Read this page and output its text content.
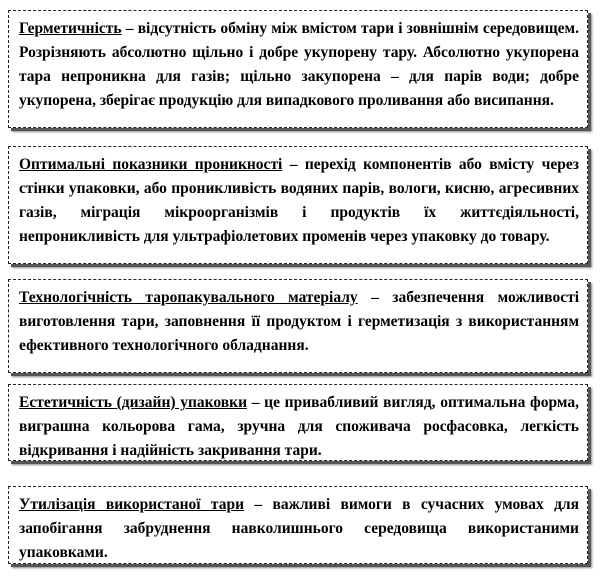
Герметичність – відсутність обміну між вмістом тари і зовнішнім середовищем. Розрізняють абсолютно щільно і добре укупорену тару. Абсолютно укупорена тара непроникна для газів; щільно закупорена – для парів води; добре укупорена, зберігає продукцію для випадкового проливання або висипання.
Оптимальні показники проникності – перехід компонентів або вмісту через стінки упаковки, або проникливість водяних парів, вологи, кисню, агресивних газів, міграція мікроорганізмів і продуктів їх життєдіяльності, непроникливість для ультрафіолетових променів через упаковку до товару.
Технологічність таропакувального матеріалу – забезпечення можливості виготовлення тари, заповнення її продуктом і герметизація з використанням ефективного технологічного обладнання.
Естетичність (дизайн) упаковки – це привабливий вигляд, оптимальна форма, виграшна кольорова гама, зручна для споживача росфасовка, легкість відкривання і надійність закривання тари.
Утилізація використаної тари – важливі вимоги в сучасних умовах для запобігання забруднення навколишнього середовища використаними упаковками.
